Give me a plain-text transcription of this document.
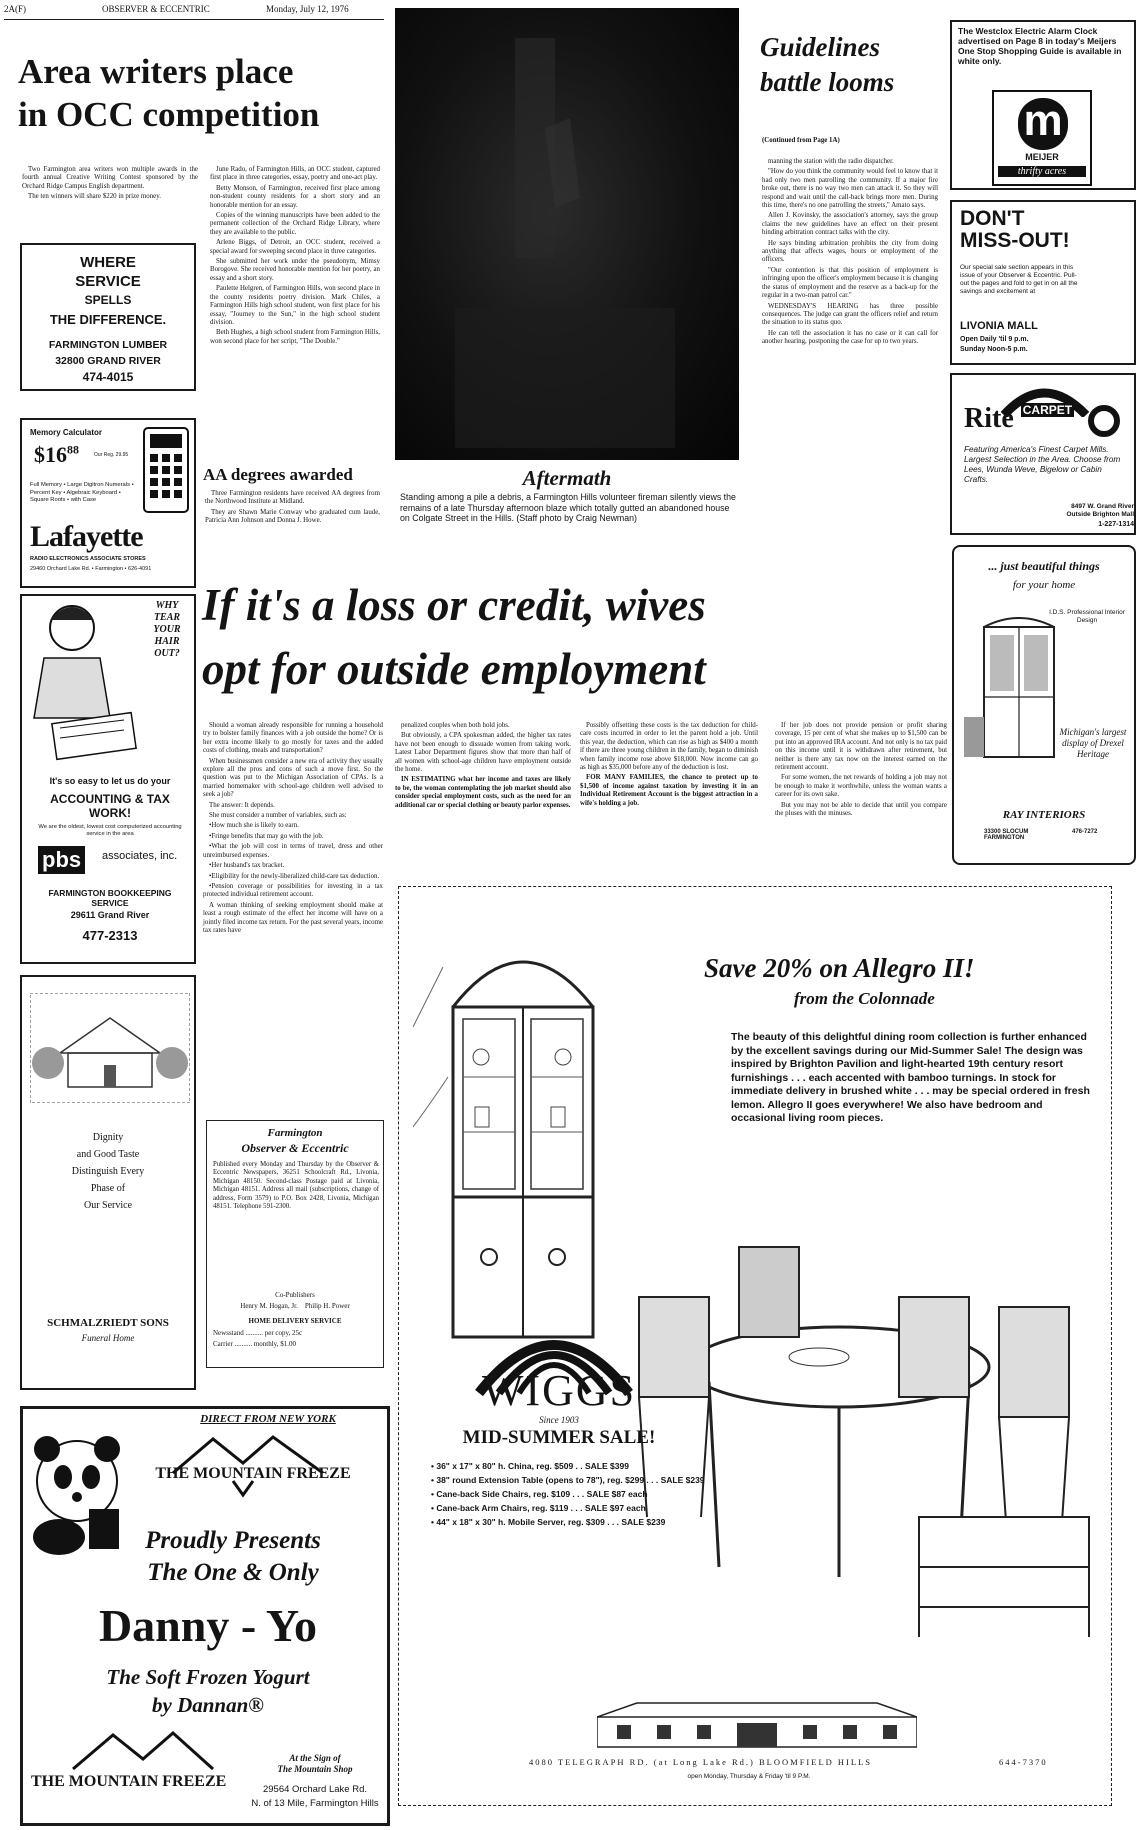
2A(F)	OBSERVER & ECCENTRIC	Monday, July 12, 1976
Area writers place
in OCC competition

Two Farmington area writers won multiple awards in the fourth annual Creative Writing Contest sponsored by the Orchard Ridge Campus English department.

The ten winners will share $220 in prize money.

June Rado, of Farmington Hills, an OCC student, captured first place in three categories, essay, poetry and one-act play.

Betty Monson, of Farmington, received first place among non-student county residents for a short story and an honorable mention for an essay.

Copies of the winning manuscripts have been added to the permanent collection of the Orchard Ridge Library, where they are available to the public.

Arlene Biggs, of Detroit, an OCC student, received a special award for sweeping second place in three categories.

She submitted her work under the pseudonym, Mimsy Borogove. She received honorable mention for her poetry, an essay and a short story.

Paulette Helgren, of Farmington Hills, won second place in the county residents poetry division. Mark Chiles, a Farmington Hills high school student, won first place for his essay, "Journey to the Sun," in the high school student division.

Beth Hughes, a high school student from Farmington Hills, won second place for her script, "The Double."

AA degrees awarded

Three Farmington residents have received AA degrees from the Northwood Institute at Midland.

They are Shawn Marie Conway who graduated cum laude, Patricia Ann Johnson and Donna J. Howe.

Aftermath
Standing among a pile a debris, a Farmington Hills volunteer fireman silently views the remains of a late Thursday afternoon blaze which totally gutted an abandoned house on Colgate Street in the Hills. (Staff photo by Craig Newman)
Guidelines
battle looms
(Continued from Page 1A)

manning the station with the radio dispatcher.

"How do you think the community would feel to know that it had only two men patrolling the community. If a major fire broke out, there is no way two men can attack it. So they will respond and wait until the call-back brings more men. During this time, there's no one patrolling the streets," Amato says.

Allen J. Kovinsky, the association's attorney, says the group claims the new guidelines have an effect on their present binding arbitration contract talks with the city.

He says binding arbitration prohibits the city from doing anything that affects wages, hours or employment of the officers.

"Our contention is that this position of employment is infringing upon the officer's employment because it is changing the status of employment and the reserve as a back-up for the regular in a two-man patrol car."

WEDNESDAY'S HEARING has three possible consequences. The judge can grant the officers relief and return the situation to its status quo.

He can tell the association it has no case or it can call for another hearing, postponing the case for up to two years.

The Westclox Electric Alarm Clock advertised on Page 8 in today's Meijers One Stop Shopping Guide is available in white only.
m
MEIJER
thrifty acres
DON'T
MISS-OUT!
Our special sale section appears in this issue of your Observer & Eccentric. Pull-out the pages and fold to get in on all the savings and excitement at
LIVONIA MALL
Open Daily 'til 9 p.m.
Sunday Noon-5 p.m.
Rite $^{CARPET}$
Featuring America's Finest Carpet Mills. Largest Selection in the Area. Choose from Lees, Wunda Weve, Bigelow or Cabin Crafts.
8497 W. Grand River Outside Brighton Mall
1-227-1314
... just beautiful things
for your home
I.D.S. Professional Interior Design
Michigan's largest display of Drexel Heritage
RAY INTERIORS
33300 SLOCUM FARMINGTON
476-7272
If it's a loss or credit, wives
opt for outside employment

Should a woman already responsible for running a household try to bolster family finances with a job outside the home? Or is her extra income likely to go mostly for taxes and the added costs of clothing, meals and transportation?

When businessmen consider a new era of activity they usually explore all the pros and cons of such a move first. So the question was put to the Michigan Association of CPAs. Is a married homemaker with school-age children well advised to seek a job?

The answer: It depends.

She must consider a number of variables, such as:

•How much she is likely to earn.

•Fringe benefits that may go with the job.

•What the job will cost in terms of travel, dress and other unreimbursed expenses.

•Her husband's tax bracket.

•Eligibility for the newly-liberalized child-care tax deduction.

•Pension coverage or possibilities for investing in a tax protected individual retirement account.

A woman thinking of seeking employment should make at least a rough estimate of the effect her income will have on a jointly filed income tax return. For the past several years, income tax rates have

penalized couples when both hold jobs.

But obviously, a CPA spokesman added, the higher tax rates have not been enough to dissuade women from taking work. Latest Labor Department figures show that more than half of all women with school-age children have employment outside the home.

IN ESTIMATING what her income and taxes are likely to be, the woman contemplating the job market should also consider special employment costs, such as the need for an additional car or special clothing or beauty parlor expenses.

Possibly offsetting these costs is the tax deduction for child-care costs incurred in order to let the parent hold a job. Until this year, the deduction, which can rise as high as $400 a month if there are three young children in the family, began to diminish when family income rose above $18,000. Now income can go as high as $35,000 before any of the deduction is lost.

FOR MANY FAMILIES, the chance to protect up to $1,500 of income against taxation by investing it in an Individual Retirement Account is the biggest attraction in a wife's holding a job.

If her job does not provide pension or profit sharing coverage, 15 per cent of what she makes up to $1,500 can be put into an approved IRA account. And not only is no tax paid on this income until it is withdrawn after retirement, but neither is there any tax now on the interest earned on the retirement account.

For some women, the net rewards of holding a job may not be enough to make it worthwhile, unless the woman wants a career for its own sake.

But you may not be able to decide that until you compare the pluses with the minuses.

WHERE
SERVICE
SPELLS
THE DIFFERENCE.
FARMINGTON LUMBER
32800 GRAND RIVER
474-4015
Memory Calculator
$\$16^{88}$	Our Reg. 29.95
Full Memory • Large Digitron Numerals • Percent Key • Algebraic Keyboard • Square Roots • with Case
Lafayette
RADIO ELECTRONICS ASSOCIATE STORES
29460 Orchard Lake Rd. • Farmington • 626-4091
WHY
TEAR
YOUR
HAIR
OUT?
It's so easy to let us do your
ACCOUNTING & TAX WORK!
We are the oldest, lowest cost computerized accounting service in the area
pbs	associates, inc.
FARMINGTON BOOKKEEPING SERVICE
29611 Grand River
477-2313
Dignity
and Good Taste
Distinguish Every
Phase of
Our Service
SCHMALZRIEDT SONS
Funeral Home
Farmington
Observer & Eccentric
Published every Monday and Thursday by the Observer & Eccentric Newspapers, 36251 Schoolcraft Rd., Livonia, Michigan 48150. Second-class Postage paid at Livonia, Michigan 48151. Address all mail (subscriptions, change of address, Form 3579) to P.O. Box 2428, Livonia, Michigan 48151. Telephone 591-2300.
Co-Publishers
Henry M. Hogan, Jr.    Philip H. Power
HOME DELIVERY SERVICE
Newsstand .......... per copy, 25c
Carrier .......... monthly, $1.00
DIRECT FROM NEW YORK
THE MOUNTAIN FREEZE
Proudly Presents
The One & Only
Danny - Yo
The Soft Frozen Yogurt
by Dannan®
THE MOUNTAIN FREEZE
At the Sign of
The Mountain Shop
29564 Orchard Lake Rd.
N. of 13 Mile, Farmington Hills
Save 20% on Allegro II!
from the Colonnade
The beauty of this delightful dining room collection is further enhanced by the excellent savings during our Mid-Summer Sale! The design was inspired by Brighton Pavilion and light-hearted 19th century resort furnishings . . . each accented with bamboo turnings. In stock for immediate delivery in brushed white . . . may be special ordered in fresh lemon. Allegro II goes everywhere! We also have bedroom and occasional living room pieces.
WIGGS
Since 1903
MID-SUMMER SALE!
• 36" x 17" x 80" h. China, reg. $509 . . SALE $399
• 38" round Extension Table (opens to 78"), reg. $299 . . . SALE $239
• Cane-back Side Chairs, reg. $109 . . . SALE $87 each
• Cane-back Arm Chairs, reg. $119 . . . SALE $97 each
• 44" x 18" x 30" h. Mobile Server, reg. $309 . . . SALE $239
4080 TELEGRAPH RD. (at Long Lake Rd.) BLOOMFIELD HILLS	644-7370
open Monday, Thursday & Friday 'til 9 P.M.
